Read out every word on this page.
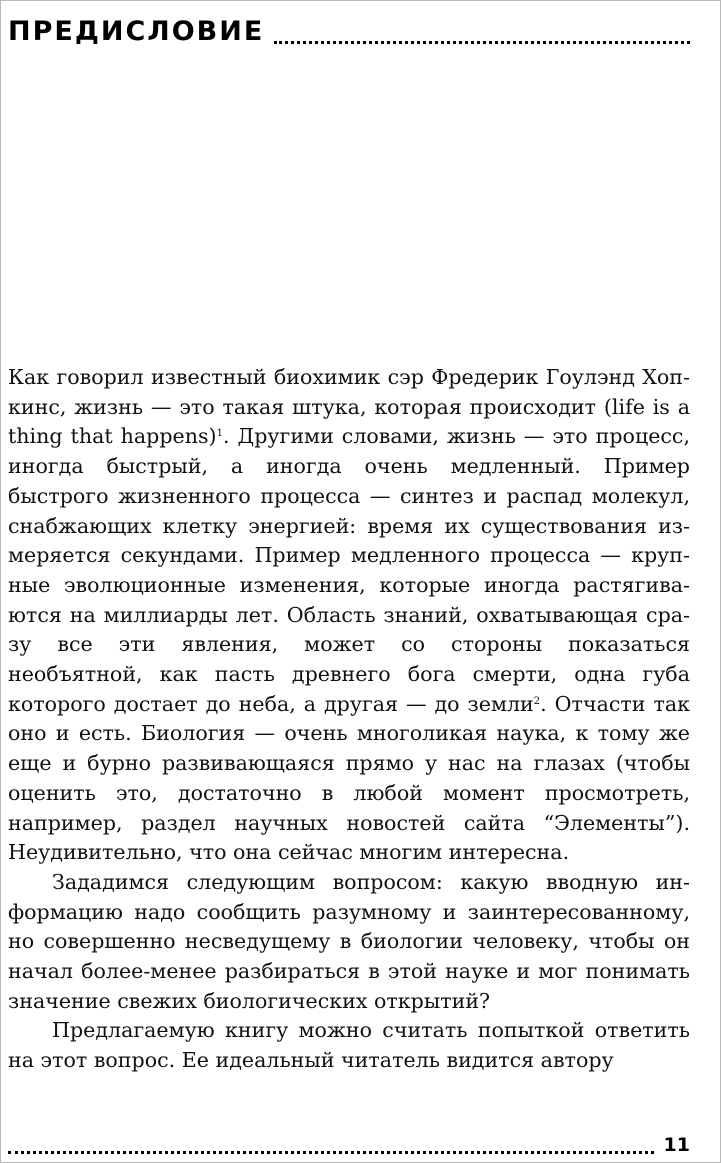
ПРЕДИСЛОВИЕ

Как говорил известный биохимик сэр Фредерик Гоулэнд Хопкинс, жизнь — это такая штука, которая происходит (life is a thing that happens)$^1$. Другими словами, жизнь — это процесс, иногда быстрый, а иногда очень медленный. Пример быстрого жизненного процесса — синтез и распад молекул, снабжающих клетку энергией: время их существования измеряется секундами. Пример медленного процесса — крупные эволюционные изменения, которые иногда растягиваются на миллиарды лет. Область знаний, охватывающая сразу все эти явления, может со стороны показаться необъятной, как пасть древнего бога смерти, одна губа которого достает до неба, а другая — до земли$^2$. Отчасти так оно и есть. Биология — очень многоликая наука, к тому же еще и бурно развивающаяся прямо у нас на глазах (чтобы оценить это, достаточно в любой момент просмотреть, например, раздел научных новостей сайта “Элементы”). Неудивительно, что она сейчас многим интересна.

Зададимся следующим вопросом: какую вводную информацию надо сообщить разумному и заинтересованному, но совершенно несведущему в биологии человеку, чтобы он начал более-менее разбираться в этой науке и мог понимать значение свежих биологических открытий?

Предлагаемую книгу можно считать попыткой ответить на этот вопрос. Ее идеальный читатель видится автору

11
